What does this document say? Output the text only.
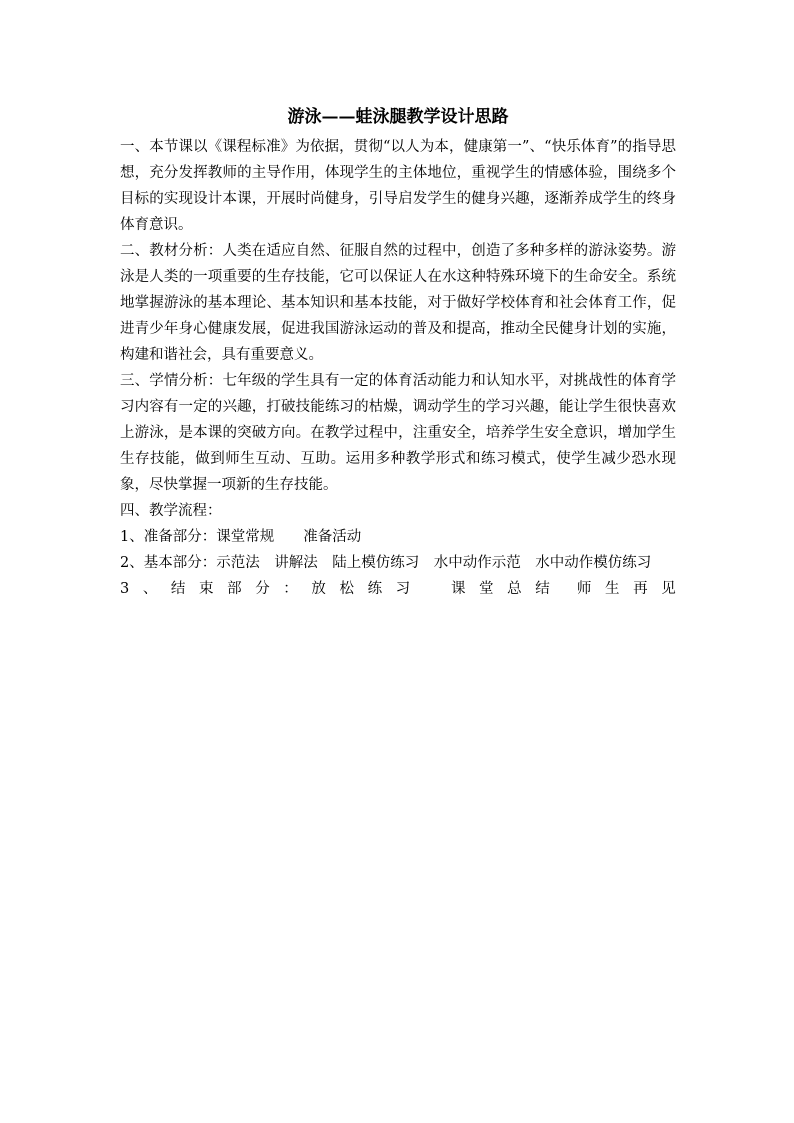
游泳——蛙泳腿教学设计思路

一、本节课以《课程标准》为依据，贯彻“以人为本，健康第一”、“快乐体育”的指导思想，充分发挥教师的主导作用，体现学生的主体地位，重视学生的情感体验，围绕多个目标的实现设计本课，开展时尚健身，引导启发学生的健身兴趣，逐渐养成学生的终身体育意识。

二、教材分析：人类在适应自然、征服自然的过程中，创造了多种多样的游泳姿势。游泳是人类的一项重要的生存技能，它可以保证人在水这种特殊环境下的生命安全。系统地掌握游泳的基本理论、基本知识和基本技能，对于做好学校体育和社会体育工作，促进青少年身心健康发展，促进我国游泳运动的普及和提高，推动全民健身计划的实施，构建和谐社会，具有重要意义。

三、学情分析：七年级的学生具有一定的体育活动能力和认知水平，对挑战性的体育学习内容有一定的兴趣，打破技能练习的枯燥，调动学生的学习兴趣，能让学生很快喜欢上游泳，是本课的突破方向。在教学过程中，注重安全，培养学生安全意识，增加学生生存技能，做到师生互动、互助。运用多种教学形式和练习模式，使学生减少恐水现象，尽快掌握一项新的生存技能。

四、教学流程：

1、准备部分：课堂常规　　准备活动

2、基本部分：示范法　讲解法　陆上模仿练习　水中动作示范　水中动作模仿练习

3 、 结 束 部 分 ： 放 松 练 习	课 堂 总 结 师 生 再 见
